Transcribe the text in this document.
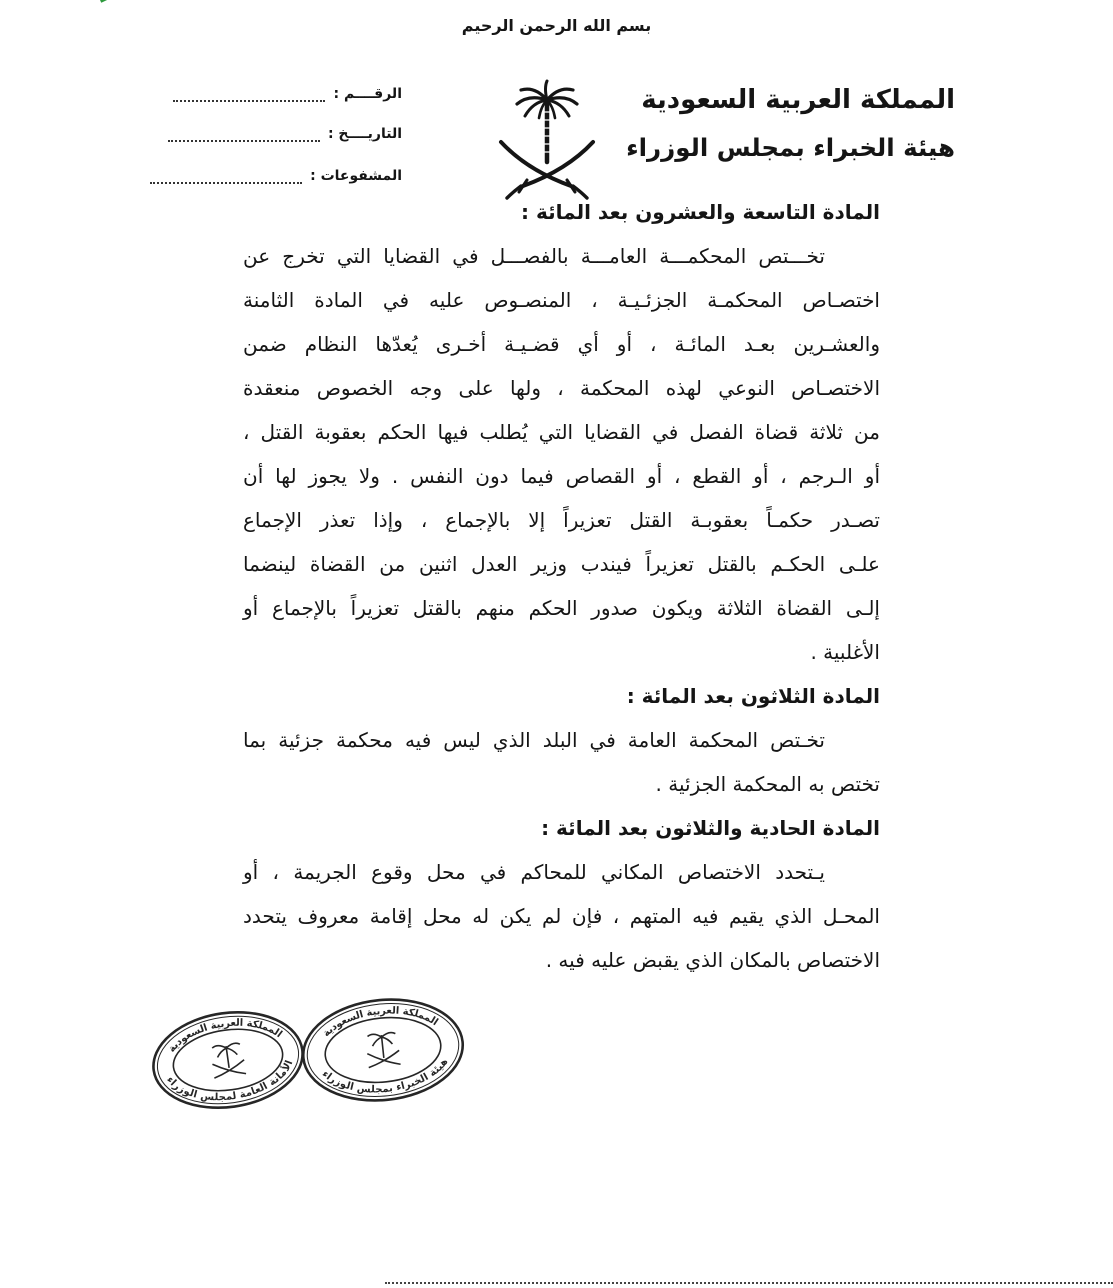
بسم الله الرحمن الرحيم
المملكة العربية السعودية
هيئة الخبراء بمجلس الوزراء
الرقــــم :
التاريــــخ :
المشفوعات :
المادة التاسعة والعشرون بعد المائة :
تخـــتص المحكمـــة العامـــة بالفصـــل في القضايا التي تخرج عن
اختصـاص المحكمـة الجزئـيـة ، المنصـوص عليه في المادة الثامنة
والعشـرين بعـد المائـة ، أو أي قضـيـة أخـرى يُعدّها النظام ضمن
الاختصـاص النوعي لهذه المحكمة ، ولها على وجه الخصوص منعقدة
من ثلاثة قضاة الفصل في القضايا التي يُطلب فيها الحكم بعقوبة القتل ،
أو الـرجم ، أو القطع ، أو القصاص فيما دون النفس . ولا يجوز لها أن
تصـدر حكمـاً بعقوبـة القتل تعزيراً إلا بالإجماع ، وإذا تعذر الإجماع
علـى الحكـم بالقتل تعزيراً فيندب وزير العدل اثنين من القضاة لينضما
إلـى القضاة الثلاثة ويكون صدور الحكم منهم بالقتل تعزيراً بالإجماع أو
الأغلبية .
المادة الثلاثون بعد المائة :
تخـتص المحكمة العامة في البلد الذي ليس فيه محكمة جزئية بما
تختص به المحكمة الجزئية .
المادة الحادية والثلاثون بعد المائة :
يـتحدد الاختصاص المكاني للمحاكم في محل وقوع الجريمة ، أو
المحـل الذي يقيم فيه المتهم ، فإن لم يكن له محل إقامة معروف يتحدد
الاختصاص بالمكان الذي يقبض عليه فيه .
المملكة العربية السعودية
الأمانة العامة لمجلس الوزراء
المملكة العربية السعودية
هيئة الخبراء بمجلس الوزراء
